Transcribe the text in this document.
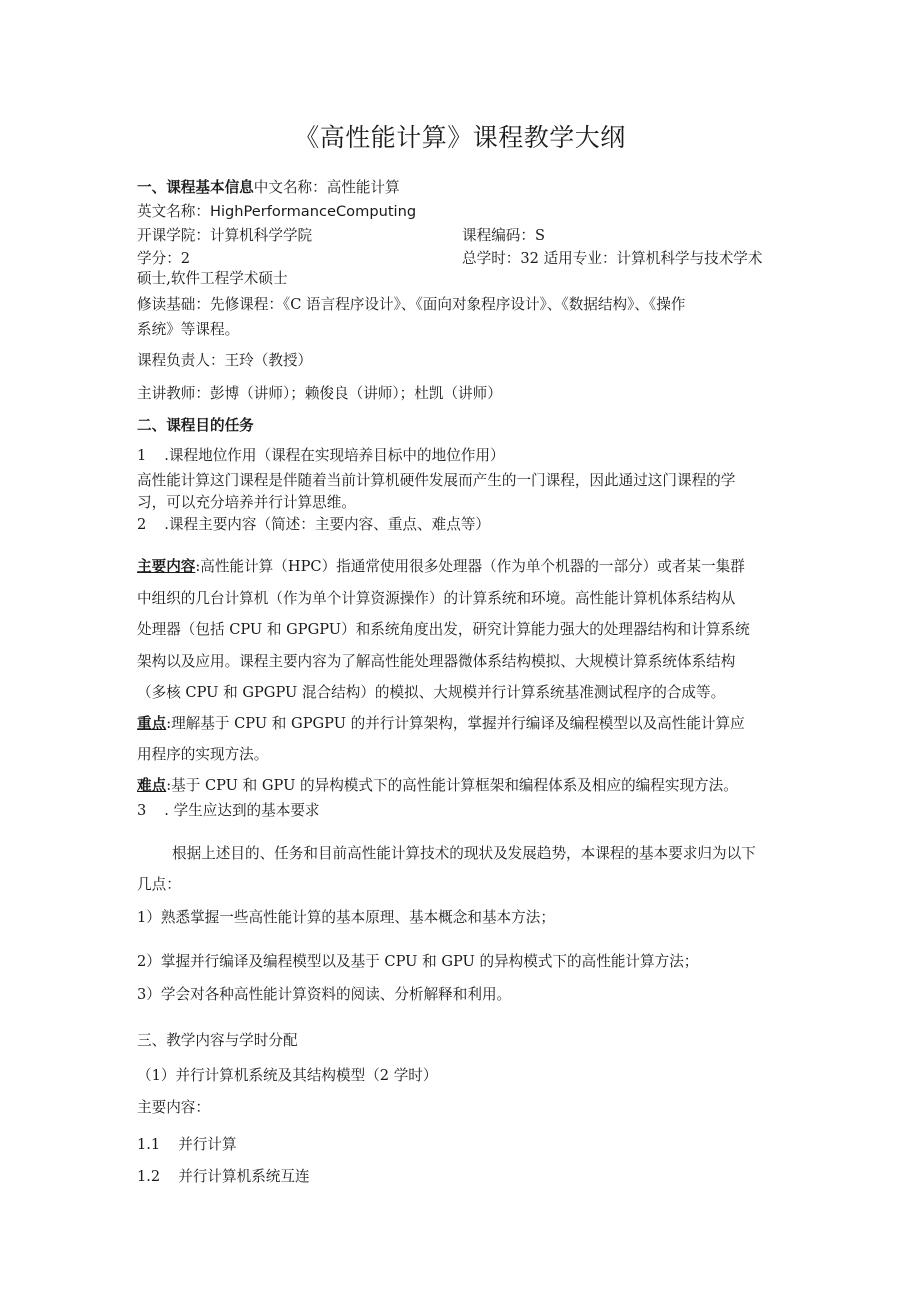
《高性能计算》课程教学大纲
一、课程基本信息中文名称：高性能计算
英文名称：HighPerformanceComputing
开课学院：计算机科学学院	课程编码：S
学分：2	总学时：32 适用专业：计算机科学与技术学术
硕士,软件工程学术硕士
修读基础：先修课程：《C 语言程序设计》、《面向对象程序设计》、《数据结构》、《操作
系统》等课程。
课程负责人：王玲（教授）
主讲教师：彭博（讲师）；赖俊良（讲师）；杜凯（讲师）
二、课程目的任务
1 .课程地位作用（课程在实现培养目标中的地位作用）
高性能计算这门课程是伴随着当前计算机硬件发展而产生的一门课程，因此通过这门课程的学
习，可以充分培养并行计算思维。
2 .课程主要内容（简述：主要内容、重点、难点等）
主要内容:高性能计算（HPC）指通常使用很多处理器（作为单个机器的一部分）或者某一集群
中组织的几台计算机（作为单个计算资源操作）的计算系统和环境。高性能计算机体系结构从
处理器（包括 CPU 和 GPGPU）和系统角度出发，研究计算能力强大的处理器结构和计算系统
架构以及应用。课程主要内容为了解高性能处理器微体系结构模拟、大规模计算系统体系结构
（多核 CPU 和 GPGPU 混合结构）的模拟、大规模并行计算系统基准测试程序的合成等。
重点:理解基于 CPU 和 GPGPU 的并行计算架构，掌握并行编译及编程模型以及高性能计算应
用程序的实现方法。
难点:基于 CPU 和 GPU 的异构模式下的高性能计算框架和编程体系及相应的编程实现方法。
3 . 学生应达到的基本要求
根据上述目的、任务和目前高性能计算技术的现状及发展趋势，本课程的基本要求归为以下
几点：
1）熟悉掌握一些高性能计算的基本原理、基本概念和基本方法；
2）掌握并行编译及编程模型以及基于 CPU 和 GPU 的异构模式下的高性能计算方法；
3）学会对各种高性能计算资料的阅读、分析解释和利用。
三、教学内容与学时分配
（1）并行计算机系统及其结构模型（2 学时）
主要内容：
1.1 并行计算
1.2 并行计算机系统互连
